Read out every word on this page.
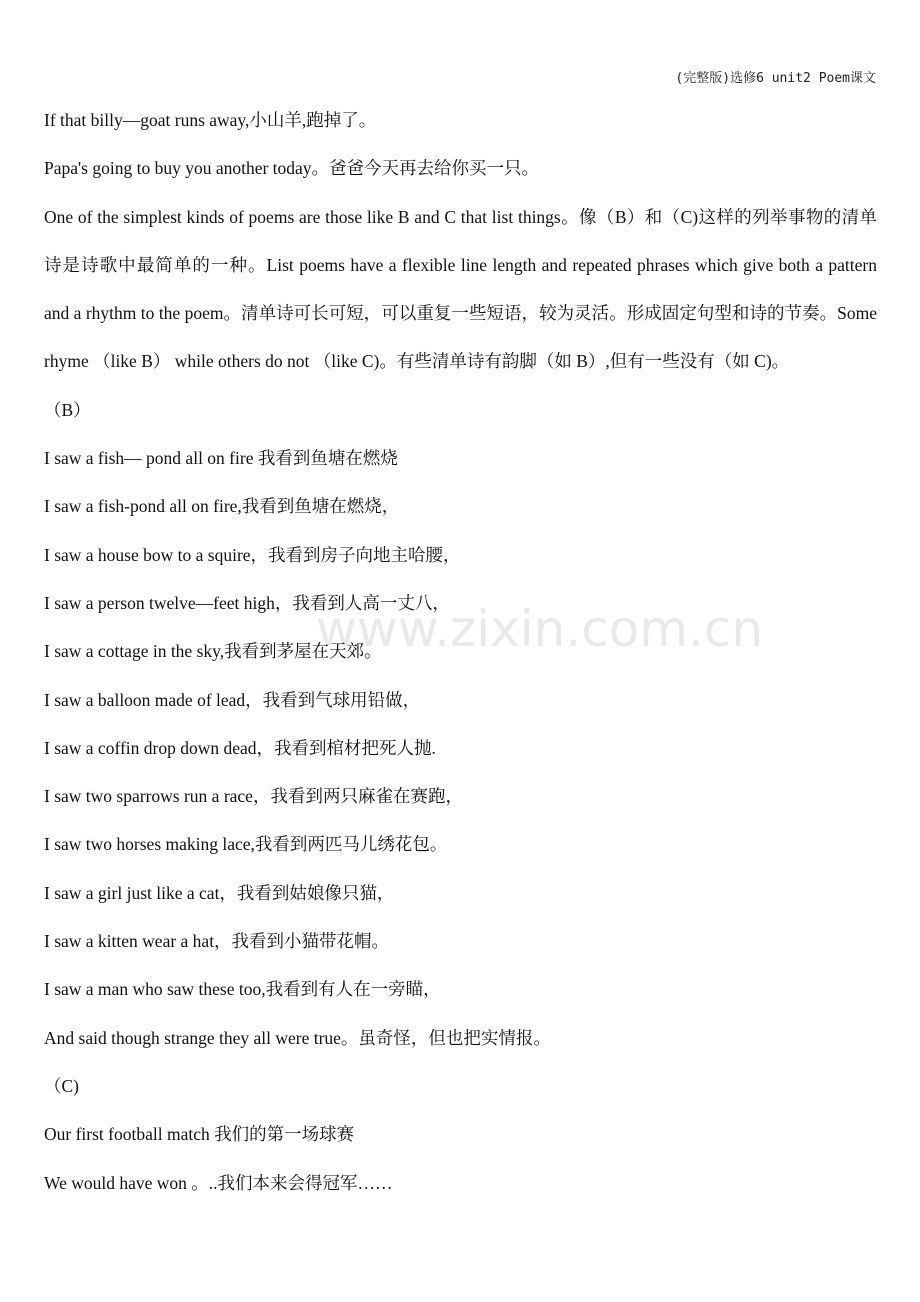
(完整版)选修6 unit2 Poem课文
www.zixin.com.cn
If that billy—goat runs away,小山羊,跑掉了。
Papa's going to buy you another today。爸爸今天再去给你买一只。
One of the simplest kinds of poems are those like B and C that list things。像（B）和（C)这样的列举事物的清单诗是诗歌中最简单的一种。List poems have a flexible line length and repeated phrases which give both a pattern and a rhythm to the poem。清单诗可长可短，可以重复一些短语，较为灵活。形成固定句型和诗的节奏。Some rhyme （like B） while others do not （like C)。有些清单诗有韵脚（如 B）,但有一些没有（如 C)。
（B）
I saw a fish— pond all on fire 我看到鱼塘在燃烧
I saw a fish-pond all on fire,我看到鱼塘在燃烧，
I saw a house bow to a squire，我看到房子向地主哈腰，
I saw a person twelve—feet high，我看到人高一丈八，
I saw a cottage in the sky,我看到茅屋在天郊。
I saw a balloon made of lead，我看到气球用铅做，
I saw a coffin drop down dead，我看到棺材把死人抛.
I saw two sparrows run a race，我看到两只麻雀在赛跑，
I saw two horses making lace,我看到两匹马儿绣花包。
I saw a girl just like a cat，我看到姑娘像只猫，
I saw a kitten wear a hat，我看到小猫带花帽。
I saw a man who saw these too,我看到有人在一旁瞄，
And said though strange they all were true。虽奇怪，但也把实情报。
（C)
Our first football match 我们的第一场球赛
We would have won 。..我们本来会得冠军……
